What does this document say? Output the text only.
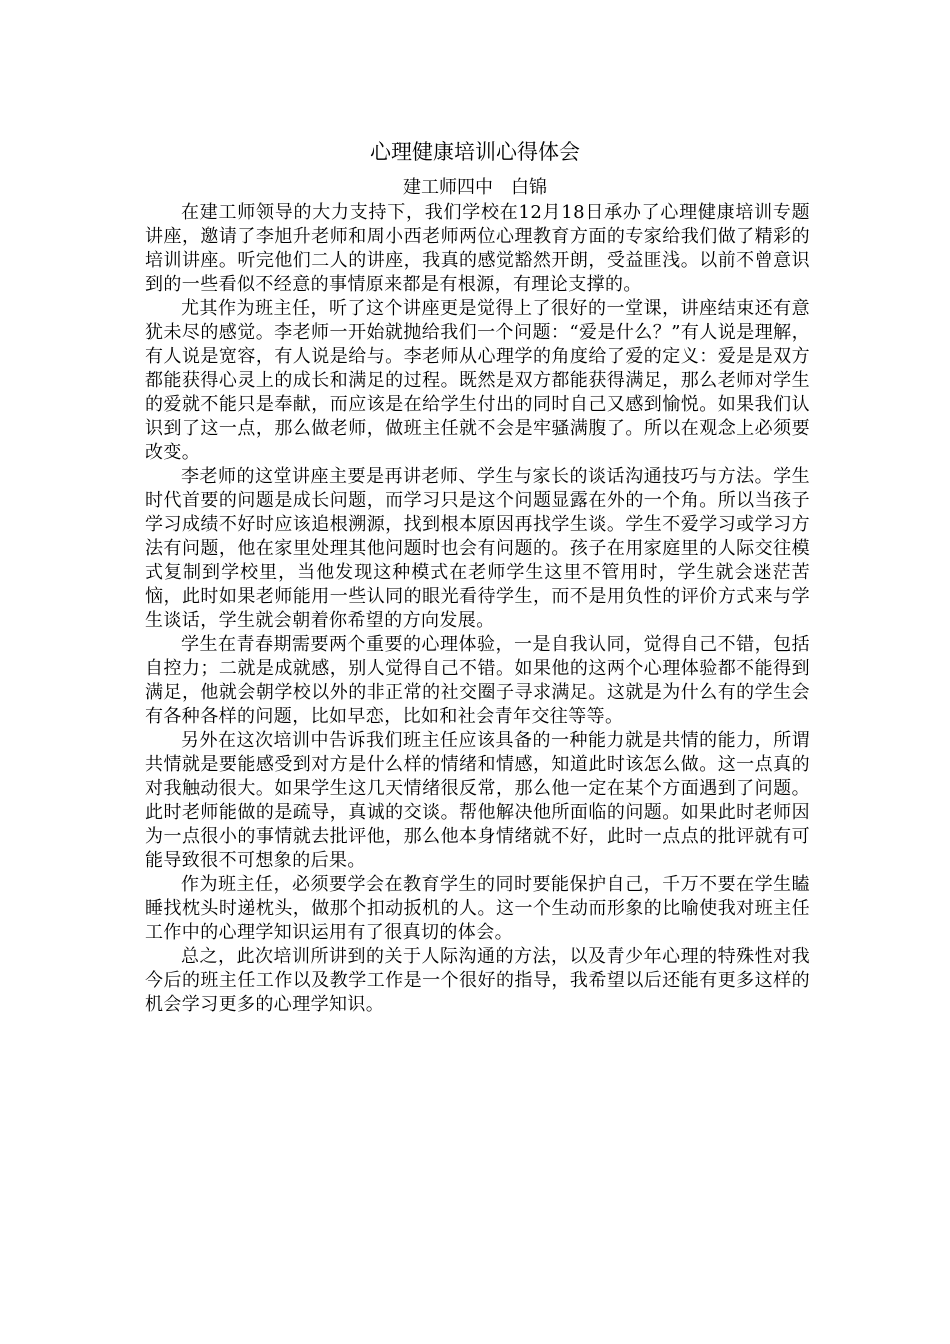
心理健康培训心得体会
建工师四中　白锦

在建工师领导的大力支持下，我们学校在12月18日承办了心理健康培训专题讲座，邀请了李旭升老师和周小西老师两位心理教育方面的专家给我们做了精彩的培训讲座。听完他们二人的讲座，我真的感觉豁然开朗，受益匪浅。以前不曾意识到的一些看似不经意的事情原来都是有根源，有理论支撑的。

尤其作为班主任，听了这个讲座更是觉得上了很好的一堂课，讲座结束还有意犹未尽的感觉。李老师一开始就抛给我们一个问题：“爱是什么？”有人说是理解，有人说是宽容，有人说是给与。李老师从心理学的角度给了爱的定义：爱是是双方都能获得心灵上的成长和满足的过程。既然是双方都能获得满足，那么老师对学生的爱就不能只是奉献，而应该是在给学生付出的同时自己又感到愉悦。如果我们认识到了这一点，那么做老师，做班主任就不会是牢骚满腹了。所以在观念上必须要改变。

李老师的这堂讲座主要是再讲老师、学生与家长的谈话沟通技巧与方法。学生时代首要的问题是成长问题，而学习只是这个问题显露在外的一个角。所以当孩子学习成绩不好时应该追根溯源，找到根本原因再找学生谈。学生不爱学习或学习方法有问题，他在家里处理其他问题时也会有问题的。孩子在用家庭里的人际交往模式复制到学校里，当他发现这种模式在老师学生这里不管用时，学生就会迷茫苦恼，此时如果老师能用一些认同的眼光看待学生，而不是用负性的评价方式来与学生谈话，学生就会朝着你希望的方向发展。

学生在青春期需要两个重要的心理体验，一是自我认同，觉得自己不错，包括自控力；二就是成就感，别人觉得自己不错。如果他的这两个心理体验都不能得到满足，他就会朝学校以外的非正常的社交圈子寻求满足。这就是为什么有的学生会有各种各样的问题，比如早恋，比如和社会青年交往等等。

另外在这次培训中告诉我们班主任应该具备的一种能力就是共情的能力，所谓共情就是要能感受到对方是什么样的情绪和情感，知道此时该怎么做。这一点真的对我触动很大。如果学生这几天情绪很反常，那么他一定在某个方面遇到了问题。此时老师能做的是疏导，真诚的交谈。帮他解决他所面临的问题。如果此时老师因为一点很小的事情就去批评他，那么他本身情绪就不好，此时一点点的批评就有可能导致很不可想象的后果。

作为班主任，必须要学会在教育学生的同时要能保护自己，千万不要在学生瞌睡找枕头时递枕头，做那个扣动扳机的人。这一个生动而形象的比喻使我对班主任工作中的心理学知识运用有了很真切的体会。

总之，此次培训所讲到的关于人际沟通的方法，以及青少年心理的特殊性对我今后的班主任工作以及教学工作是一个很好的指导，我希望以后还能有更多这样的机会学习更多的心理学知识。
